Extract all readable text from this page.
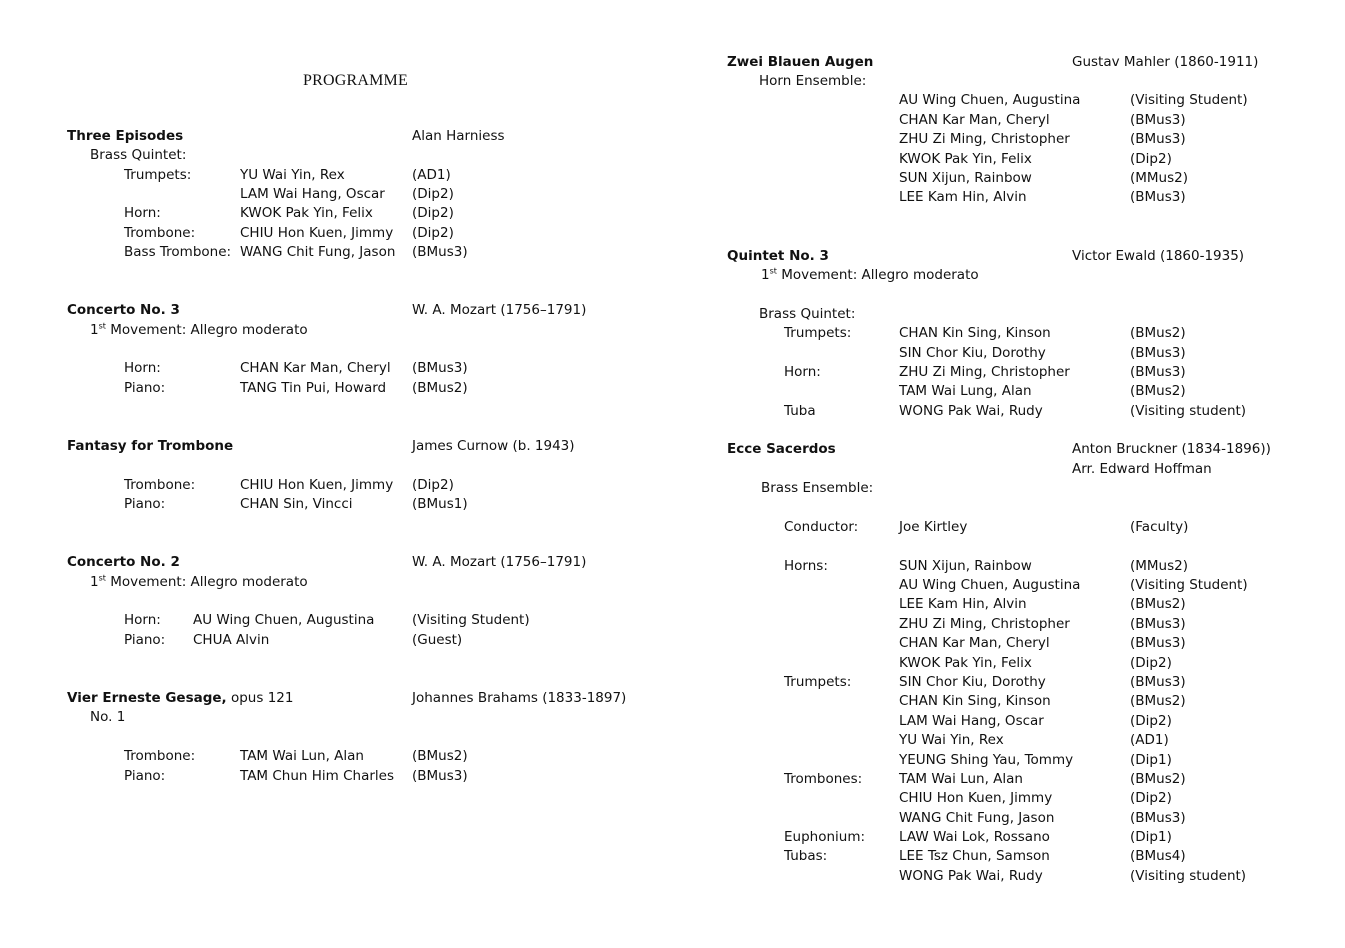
PROGRAMME
Three Episodes	Alan Harniess
Brass Quintet:
Trumpets:	YU Wai Yin, Rex	(AD1)
LAM Wai Hang, Oscar (Dip2)
Horn:	KWOK Pak Yin, Felix	(Dip2)
Trombone:	CHIU Hon Kuen, Jimmy (Dip2)
Bass Trombone: WANG Chit Fung, Jason (BMus3)
Concerto No. 3	W. A. Mozart (1756–1791)
1st Movement: Allegro moderato
Horn:	CHAN Kar Man, Cheryl (BMus3)
Piano:	TANG Tin Pui, Howard (BMus2)
Fantasy for Trombone	James Curnow (b. 1943)
Trombone:	CHIU Hon Kuen, Jimmy (Dip2)
Piano:	CHAN Sin, Vincci	(BMus1)
Concerto No. 2	W. A. Mozart (1756–1791)
1st Movement: Allegro moderato
Horn: AU Wing Chuen, Augustina	(Visiting Student)
Piano: CHUA Alvin	(Guest)
Vier Erneste Gesage, opus 121	Johannes Brahams (1833-1897)
No. 1
Trombone:	TAM Wai Lun, Alan	(BMus2)
Piano:	TAM Chun Him Charles (BMus3)
Zwei Blauen Augen	Gustav Mahler (1860-1911)
Horn Ensemble:
AU Wing Chuen, Augustina	(Visiting Student)
CHAN Kar Man, Cheryl	(BMus3)
ZHU Zi Ming, Christopher	(BMus3)
KWOK Pak Yin, Felix	(Dip2)
SUN Xijun, Rainbow	(MMus2)
LEE Kam Hin, Alvin	(BMus3)
Quintet No. 3	Victor Ewald (1860-1935)
1st Movement: Allegro moderato
Brass Quintet:
Trumpets:	CHAN Kin Sing, Kinson	(BMus2)
SIN Chor Kiu, Dorothy	(BMus3)
Horn:	ZHU Zi Ming, Christopher	(BMus3)
TAM Wai Lung, Alan	(BMus2)
Tuba	WONG Pak Wai, Rudy	(Visiting student)
Ecce Sacerdos	Anton Bruckner (1834-1896))
Arr. Edward Hoffman
Brass Ensemble:
Conductor:	Joe Kirtley	(Faculty)
Horns:	SUN Xijun, Rainbow	(MMus2)
AU Wing Chuen, Augustina	(Visiting Student)
LEE Kam Hin, Alvin	(BMus2)
ZHU Zi Ming, Christopher	(BMus3)
CHAN Kar Man, Cheryl	(BMus3)
KWOK Pak Yin, Felix	(Dip2)
Trumpets:	SIN Chor Kiu, Dorothy	(BMus3)
CHAN Kin Sing, Kinson	(BMus2)
LAM Wai Hang, Oscar	(Dip2)
YU Wai Yin, Rex	(AD1)
YEUNG Shing Yau, Tommy	(Dip1)
Trombones:	TAM Wai Lun, Alan	(BMus2)
CHIU Hon Kuen, Jimmy	(Dip2)
WANG Chit Fung, Jason	(BMus3)
Euphonium:	LAW Wai Lok, Rossano	(Dip1)
Tubas:	LEE Tsz Chun, Samson	(BMus4)
WONG Pak Wai, Rudy	(Visiting student)
